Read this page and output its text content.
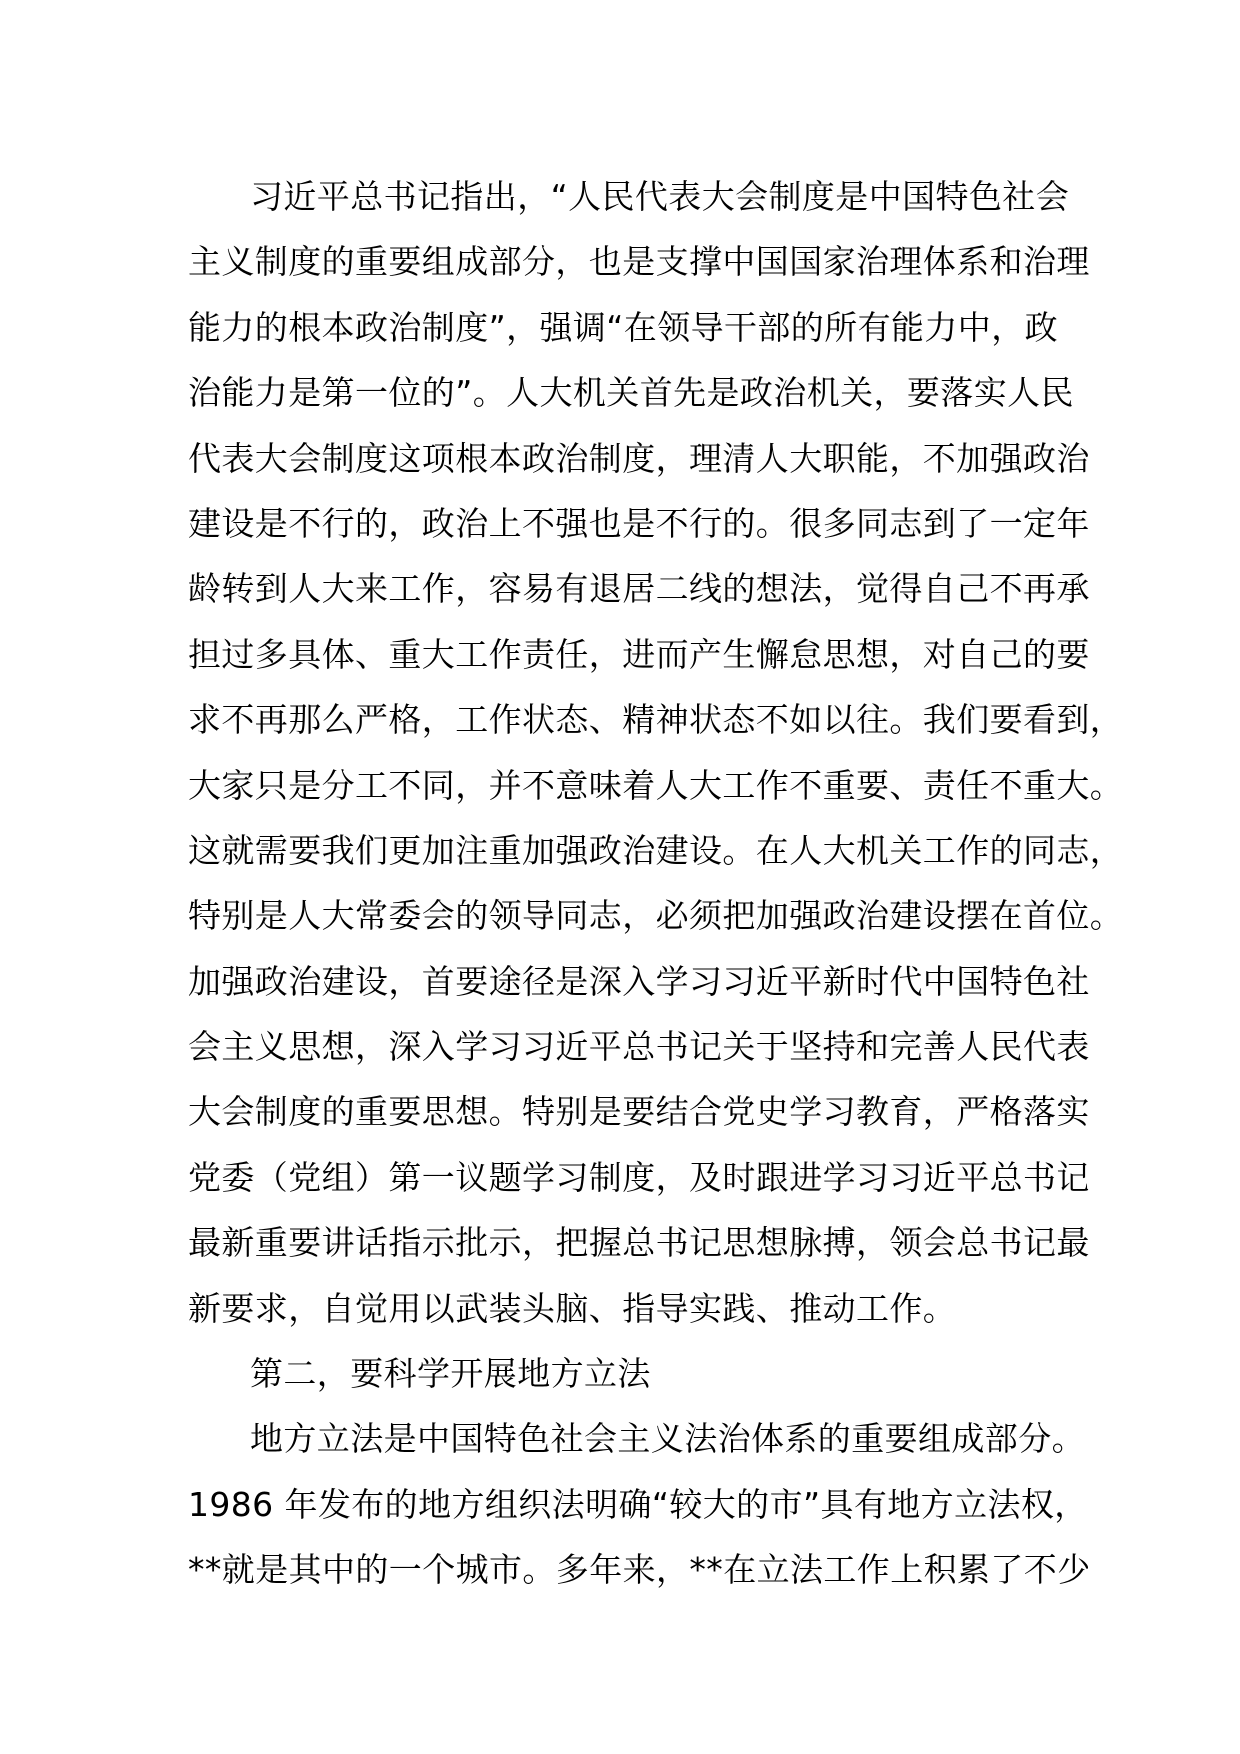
习近平总书记指出，“人民代表大会制度是中国特色社会
主义制度的重要组成部分，也是支撑中国国家治理体系和治理
能力的根本政治制度”，强调“在领导干部的所有能力中，政
治能力是第一位的”。人大机关首先是政治机关，要落实人民
代表大会制度这项根本政治制度，理清人大职能，不加强政治
建设是不行的，政治上不强也是不行的。很多同志到了一定年
龄转到人大来工作，容易有退居二线的想法，觉得自己不再承
担过多具体、重大工作责任，进而产生懈怠思想，对自己的要
求不再那么严格，工作状态、精神状态不如以往。我们要看到，
大家只是分工不同，并不意味着人大工作不重要、责任不重大。
这就需要我们更加注重加强政治建设。在人大机关工作的同志，
特别是人大常委会的领导同志，必须把加强政治建设摆在首位。
加强政治建设，首要途径是深入学习习近平新时代中国特色社
会主义思想，深入学习习近平总书记关于坚持和完善人民代表
大会制度的重要思想。特别是要结合党史学习教育，严格落实
党委（党组）第一议题学习制度，及时跟进学习习近平总书记
最新重要讲话指示批示，把握总书记思想脉搏，领会总书记最
新要求，自觉用以武装头脑、指导实践、推动工作。
第二，要科学开展地方立法
地方立法是中国特色社会主义法治体系的重要组成部分。
1986 年发布的地方组织法明确“较大的市”具有地方立法权，
**就是其中的一个城市。多年来，**在立法工作上积累了不少
